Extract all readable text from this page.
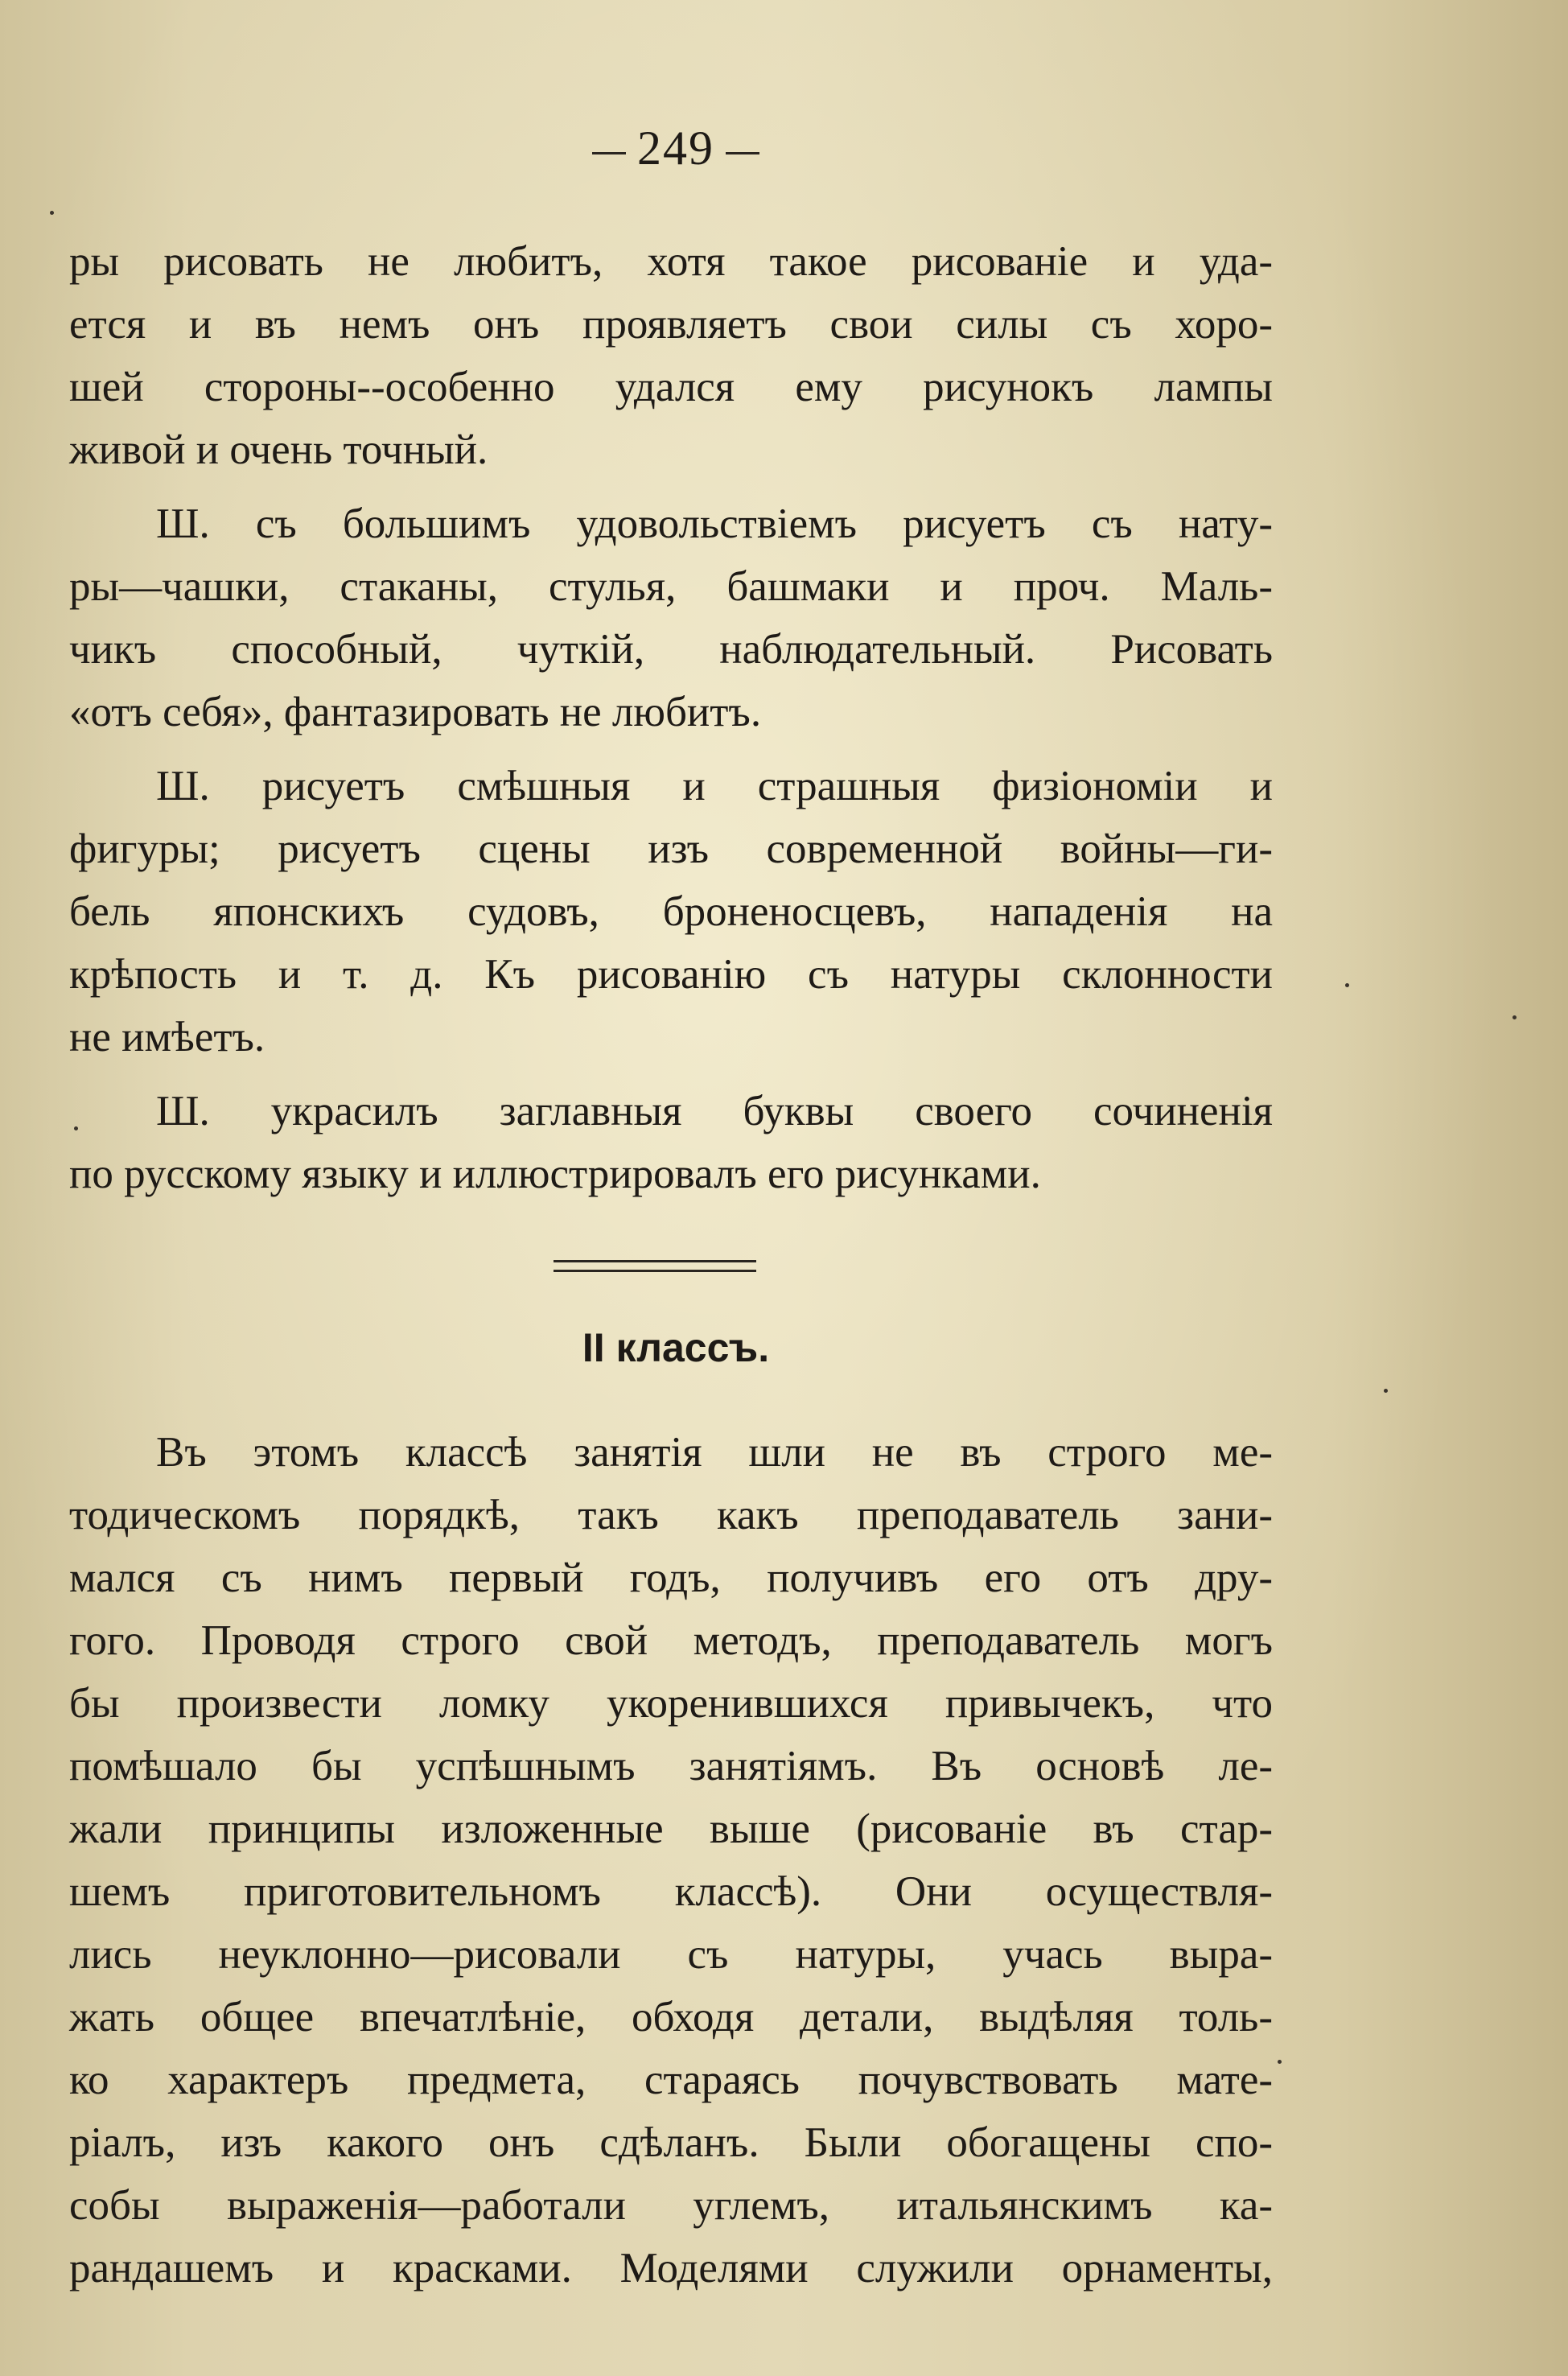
249
ры рисовать не любитъ, хотя такое рисованіе и уда-
ется и въ немъ онъ проявляетъ свои силы съ хоро-
шей стороны--особенно удался ему рисунокъ лампы
живой и очень точный.
Ш. съ большимъ удовольствіемъ рисуетъ съ нату-
ры—чашки, стаканы, стулья, башмаки и проч. Маль-
чикъ способный, чуткій, наблюдательный. Рисовать
«отъ себя», фантазировать не любитъ.
Ш. рисуетъ смѣшныя и страшныя физіономіи и
фигуры; рисуетъ сцены изъ современной войны—ги-
бель японскихъ судовъ, броненосцевъ, нападенія на
крѣпость и т. д. Къ рисованію съ натуры склонности
не имѣетъ.
Ш. украсилъ заглавныя буквы своего сочиненія
по русскому языку и иллюстрировалъ его рисунками.
II классъ.
Въ этомъ классѣ занятія шли не въ строго ме-
тодическомъ порядкѣ, такъ какъ преподаватель зани-
мался съ нимъ первый годъ, получивъ его отъ дру-
гого. Проводя строго свой методъ, преподаватель могъ
бы произвести ломку укоренившихся привычекъ, что
помѣшало бы успѣшнымъ занятіямъ. Въ основѣ ле-
жали принципы изложенные выше (рисованіе въ стар-
шемъ приготовительномъ классѣ). Они осуществля-
лись неуклонно—рисовали съ натуры, учась выра-
жать общее впечатлѣніе, обходя детали, выдѣляя толь-
ко характеръ предмета, стараясь почувствовать мате-
ріалъ, изъ какого онъ сдѣланъ. Были обогащены спо-
собы выраженія—работали углемъ, итальянскимъ ка-
рандашемъ и красками. Моделями служили орнаменты,
